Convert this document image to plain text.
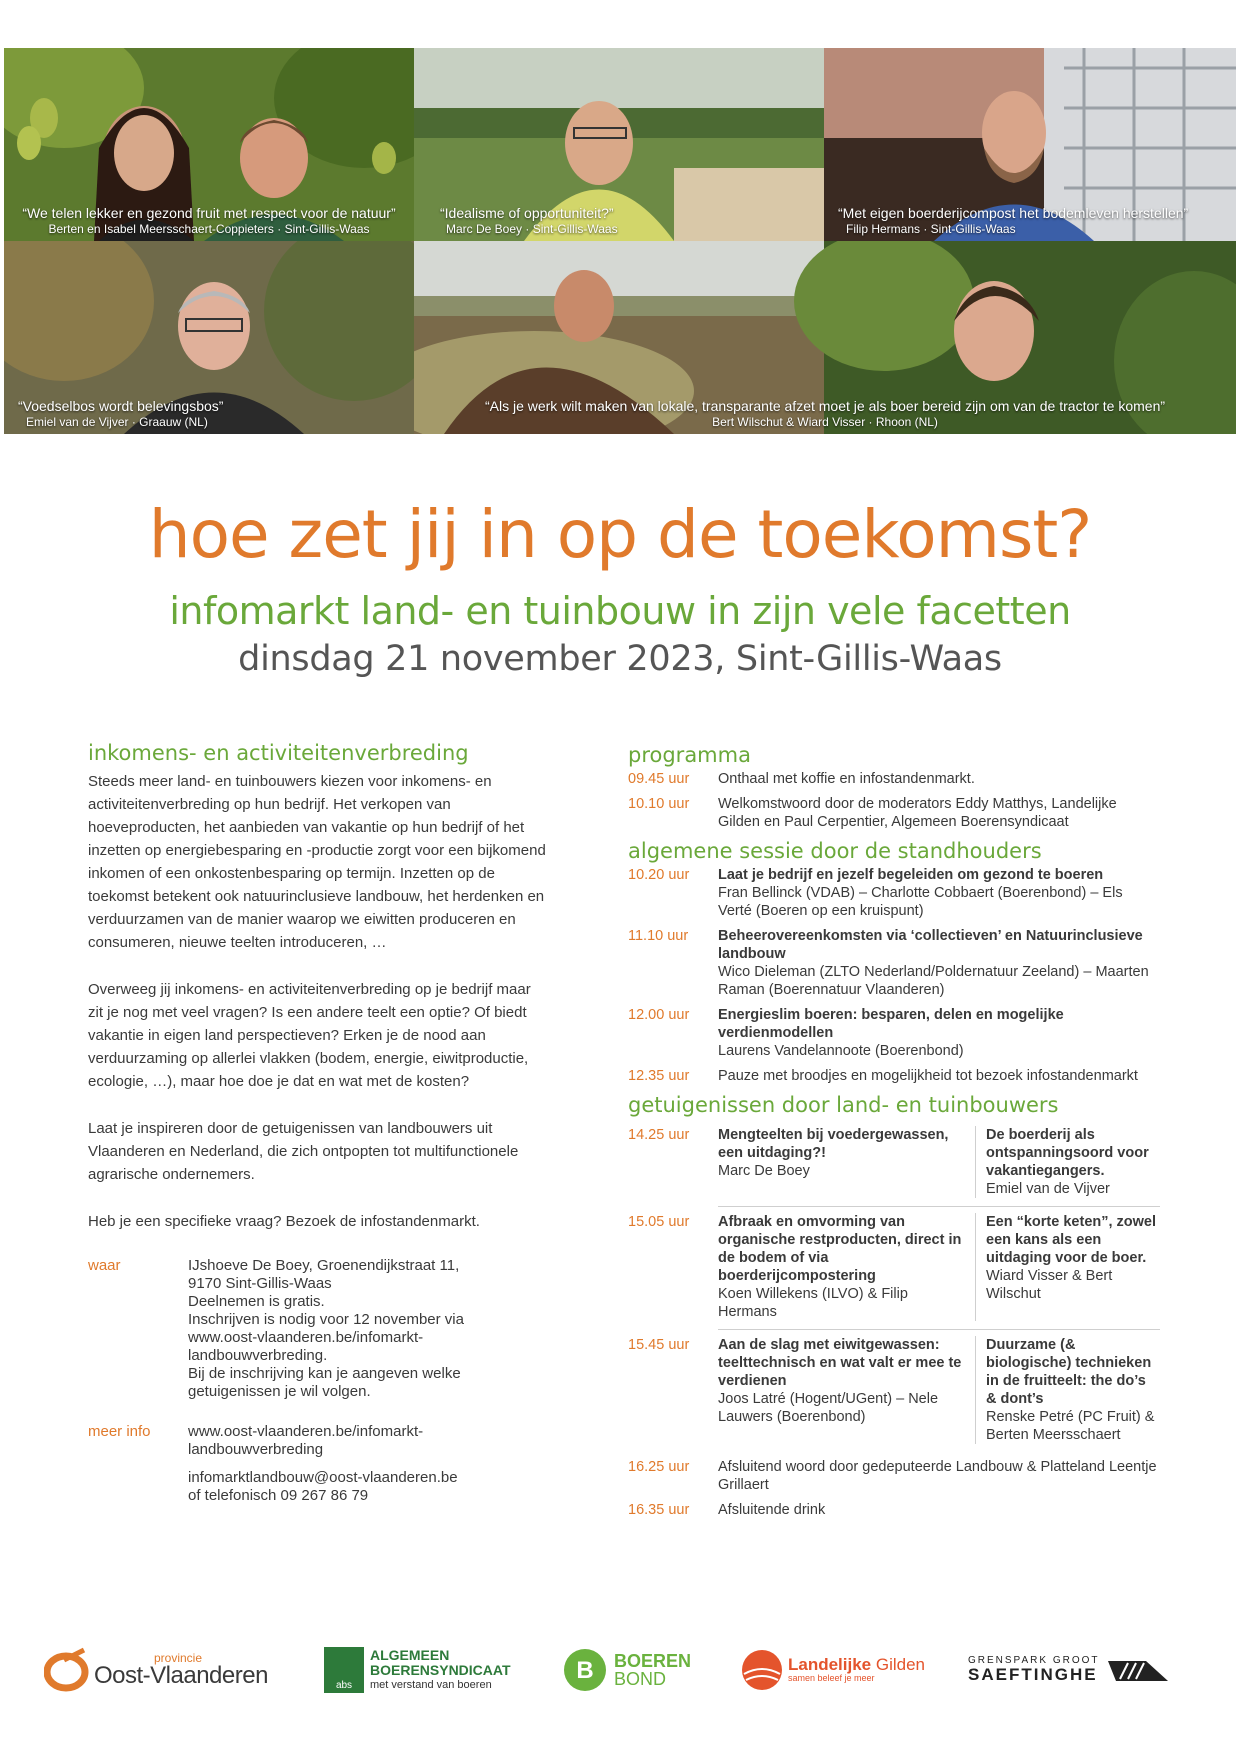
“We telen lekker en gezond fruit met respect voor de natuur”
Berten en Isabel Meersschaert-Coppieters · Sint-Gillis-Waas
“Idealisme of opportuniteit?”
Marc De Boey · Sint-Gillis-Waas
“Met eigen boerderijcompost het bodemleven herstellen”
Filip Hermans · Sint-Gillis-Waas
“Voedselbos wordt belevingsbos”
Emiel van de Vijver · Graauw (NL)
“Als je werk wilt maken van lokale, transparante afzet moet je als boer bereid zijn om van de tractor te komen”
Bert Wilschut & Wiard Visser · Rhoon (NL)
hoe zet jij in op de toekomst?
infomarkt land- en tuinbouw in zijn vele facetten
dinsdag 21 november 2023, Sint-Gillis-Waas
inkomens- en activiteitenverbreding

Steeds meer land- en tuinbouwers kiezen voor inkomens- en activiteitenverbreding op hun bedrijf. Het verkopen van hoeveproducten, het aanbieden van vakantie op hun bedrijf of het inzetten op energiebesparing en -productie zorgt voor een bijkomend inkomen of een onkostenbesparing op termijn. Inzetten op de toekomst betekent ook natuurinclusieve landbouw, het herdenken en verduurzamen van de manier waarop we eiwitten produceren en consumeren, nieuwe teelten introduceren, …

Overweeg jij inkomens- en activiteitenverbreding op je bedrijf maar zit je nog met veel vragen? Is een andere teelt een optie? Of biedt vakantie in eigen land perspectieven? Erken je de nood aan verduurzaming op allerlei vlakken (bodem, energie, eiwitproductie, ecologie, …), maar hoe doe je dat en wat met de kosten?

Laat je inspireren door de getuigenissen van landbouwers uit Vlaanderen en Nederland, die zich ontpopten tot multifunctionele agrarische ondernemers.

Heb je een specifieke vraag? Bezoek de infostandenmarkt.

waar	IJshoeve De Boey, Groenendijkstraat 11,
9170 Sint-Gillis-Waas
Deelnemen is gratis.
Inschrijven is nodig voor 12 november via
www.oost-vlaanderen.be/infomarkt-
landbouwverbreding.
Bij de inschrijving kan je aangeven welke
getuigenissen je wil volgen.
meer info	www.oost-vlaanderen.be/infomarkt-
landbouwverbreding
infomarktlandbouw@oost-vlaanderen.be
of telefonisch 09 267 86 79
programma
09.45 uur	Onthaal met koffie en infostandenmarkt.
10.10 uur	Welkomstwoord door de moderators Eddy Matthys, Landelijke Gilden en Paul Cerpentier, Algemeen Boerensyndicaat
algemene sessie door de standhouders
10.20 uur	Laat je bedrijf en jezelf begeleiden om gezond te boeren
Fran Bellinck (VDAB) – Charlotte Cobbaert (Boerenbond) – Els Verté (Boeren op een kruispunt)
11.10 uur	Beheerovereenkomsten via ‘collectieven’ en Natuurinclusieve landbouw
Wico Dieleman (ZLTO Nederland/Poldernatuur Zeeland) – Maarten Raman (Boerennatuur Vlaanderen)
12.00 uur	Energieslim boeren: besparen, delen en mogelijke verdienmodellen
Laurens Vandelannoote (Boerenbond)
12.35 uur	Pauze met broodjes en mogelijkheid tot bezoek infostandenmarkt
getuigenissen door land- en tuinbouwers
14.25 uur	Mengteelten bij voedergewassen, een uitdaging?!
Marc De Boey
De boerderij als ontspanningsoord voor vakantiegangers.
Emiel van de Vijver
15.05 uur	Afbraak en omvorming van organische restproducten, direct in de bodem of via boerderijcompostering
Koen Willekens (ILVO) & Filip Hermans
Een “korte keten”, zowel een kans als een uitdaging voor de boer.
Wiard Visser & Bert Wilschut
15.45 uur	Aan de slag met eiwitgewassen: teelttechnisch en wat valt er mee te verdienen
Joos Latré (Hogent/UGent) – Nele Lauwers (Boerenbond)
Duurzame (& biologische) technieken in de fruitteelt: the do’s & dont’s
Renske Petré (PC Fruit) & Berten Meersschaert
16.25 uur	Afsluitend woord door gedeputeerde Landbouw & Platteland Leentje Grillaert
16.35 uur	Afsluitende drink
provincie
Oost-Vlaanderen	abs
ALGEMEEN
BOERENSYNDICAAT
met verstand van boeren
B BOEREN
BOND
Landelijke Gilden
samen beleef je meer
GRENSPARK GROOT
SAEFTINGHE
